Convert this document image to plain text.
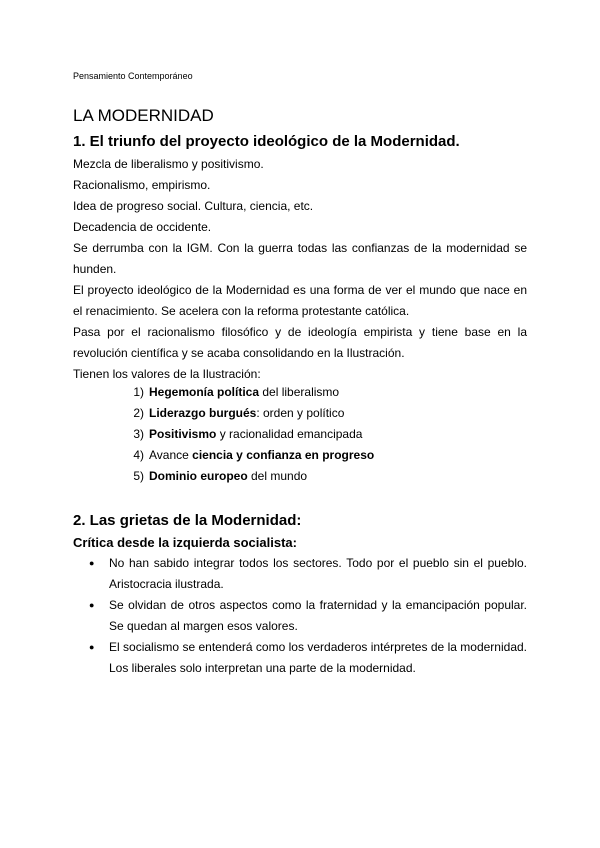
Pensamiento Contemporáneo
LA MODERNIDAD
1. El triunfo del proyecto ideológico de la Modernidad.

Mezcla de liberalismo y positivismo.

Racionalismo, empirismo.

Idea de progreso social. Cultura, ciencia, etc.

Decadencia de occidente.

Se derrumba con la IGM. Con la guerra todas las confianzas de la modernidad se hunden.

El proyecto ideológico de la Modernidad es una forma de ver el mundo que nace en el renacimiento. Se acelera con la reforma protestante católica.

Pasa por el racionalismo filosófico y de ideología empirista y tiene base en la revolución científica y se acaba consolidando en la Ilustración.

Tienen los valores de la Ilustración:

1) Hegemonía política del liberalismo
2) Liderazgo burgués: orden y político
3) Positivismo y racionalidad emancipada
4) Avance ciencia y confianza en progreso
5) Dominio europeo del mundo
2. Las grietas de la Modernidad:
Crítica desde la izquierda socialista:
●	No han sabido integrar todos los sectores. Todo por el pueblo sin el pueblo. Aristocracia ilustrada.
●	Se olvidan de otros aspectos como la fraternidad y la emancipación popular. Se quedan al margen esos valores.
●	El socialismo se entenderá como los verdaderos intérpretes de la modernidad. Los liberales solo interpretan una parte de la modernidad.
